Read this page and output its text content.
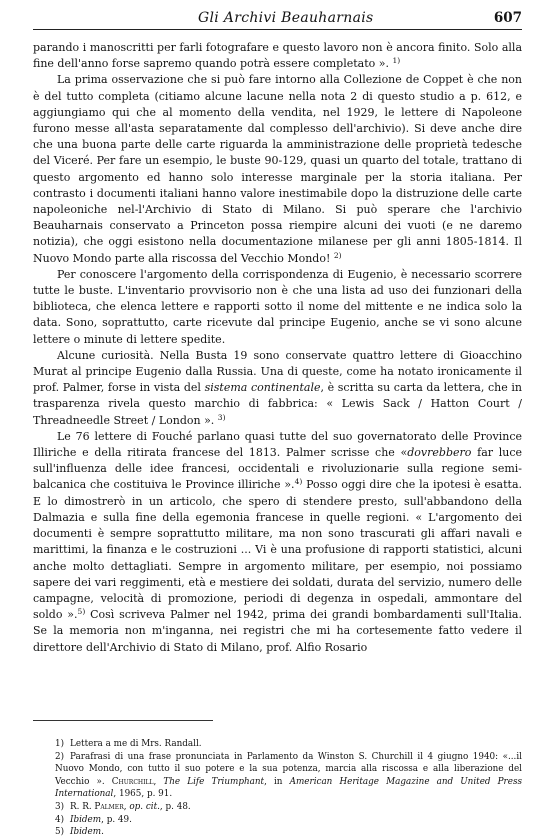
Gli Archivi Beauharnais	607

parando i manoscritti per farli fotografare e questo lavoro non è ancora finito. Solo alla fine dell'anno forse sapremo quando potrà essere completato ». $^{1)}$

La prima osservazione che si può fare intorno alla Collezione de Coppet è che non è del tutto completa (citiamo alcune lacune nella nota 2 di questo studio a p. 612, e aggiungiamo qui che al momento della vendita, nel 1929, le lettere di Napoleone furono messe all'asta separatamente dal complesso dell'archivio). Si deve anche dire che una buona parte delle carte riguarda la amministrazione delle proprietà tedesche del Viceré. Per fare un esempio, le buste 90-129, quasi un quarto del totale, trattano di questo argomento ed hanno solo interesse marginale per la storia italiana. Per contrasto i documenti italiani hanno valore inestimabile dopo la distruzione delle carte napoleoniche nel-l'Archivio di Stato di Milano. Si può sperare che l'archivio Beauharnais conservato a Princeton possa riempire alcuni dei vuoti (e ne daremo notizia), che oggi esistono nella documentazione milanese per gli anni 1805-1814. Il Nuovo Mondo parte alla riscossa del Vecchio Mondo! $^{2)}$

Per conoscere l'argomento della corrispondenza di Eugenio, è necessario scorrere tutte le buste. L'inventario provvisorio non è che una lista ad uso dei funzionari della biblioteca, che elenca lettere e rapporti sotto il nome del mittente e ne indica solo la data. Sono, soprattutto, carte ricevute dal principe Eugenio, anche se vi sono alcune lettere o minute di lettere spedite.

Alcune curiosità. Nella Busta 19 sono conservate quattro lettere di Gioacchino Murat al principe Eugenio dalla Russia. Una di queste, come ha notato ironicamente il prof. Palmer, forse in vista del sistema continentale, è scritta su carta da lettera, che in trasparenza rivela questo marchio di fabbrica: « Lewis Sack / Hatton Court / Threadneedle Street / London ». $^{3)}$

Le 76 lettere di Fouché parlano quasi tutte del suo governatorato delle Province Illiriche e della ritirata francese del 1813. Palmer scrisse che «dovrebbero far luce sull'influenza delle idee francesi, occidentali e rivoluzionarie sulla regione semi-balcanica che costituiva le Province illiriche ».$^{4)}$ Posso oggi dire che la ipotesi è esatta. E lo dimostrerò in un articolo, che spero di stendere presto, sull'abbandono della Dalmazia e sulla fine della egemonia francese in quelle regioni. « L'argomento dei documenti è sempre soprattutto militare, ma non sono trascurati gli affari navali e marittimi, la finanza e le costruzioni ... Vi è una profusione di rapporti statistici, alcuni anche molto dettagliati. Sempre in argomento militare, per esempio, noi possiamo sapere dei vari reggimenti, età e mestiere dei soldati, durata del servizio, numero delle campagne, velocità di promozione, periodi di degenza in ospedali, ammontare del soldo ».$^{5)}$ Così scriveva Palmer nel 1942, prima dei grandi bombardamenti sull'Italia. Se la memoria non m'inganna, nei registri che mi ha cortesemente fatto vedere il direttore dell'Archivio di Stato di Milano, prof. Alfio Rosario

1) Lettera a me di Mrs. Randall.

2) Parafrasi di una frase pronunciata in Parlamento da Winston S. Churchill il 4 giugno 1940: «...il Nuovo Mondo, con tutto il suo potere e la sua potenza, marcia alla riscossa e alla liberazione del Vecchio ». Churchill, The Life Triumphant, in American Heritage Magazine and United Press International, 1965, p. 91.

3) R. R. Palmer, op. cit., p. 48.

4) Ibidem, p. 49.

5) Ibidem.
